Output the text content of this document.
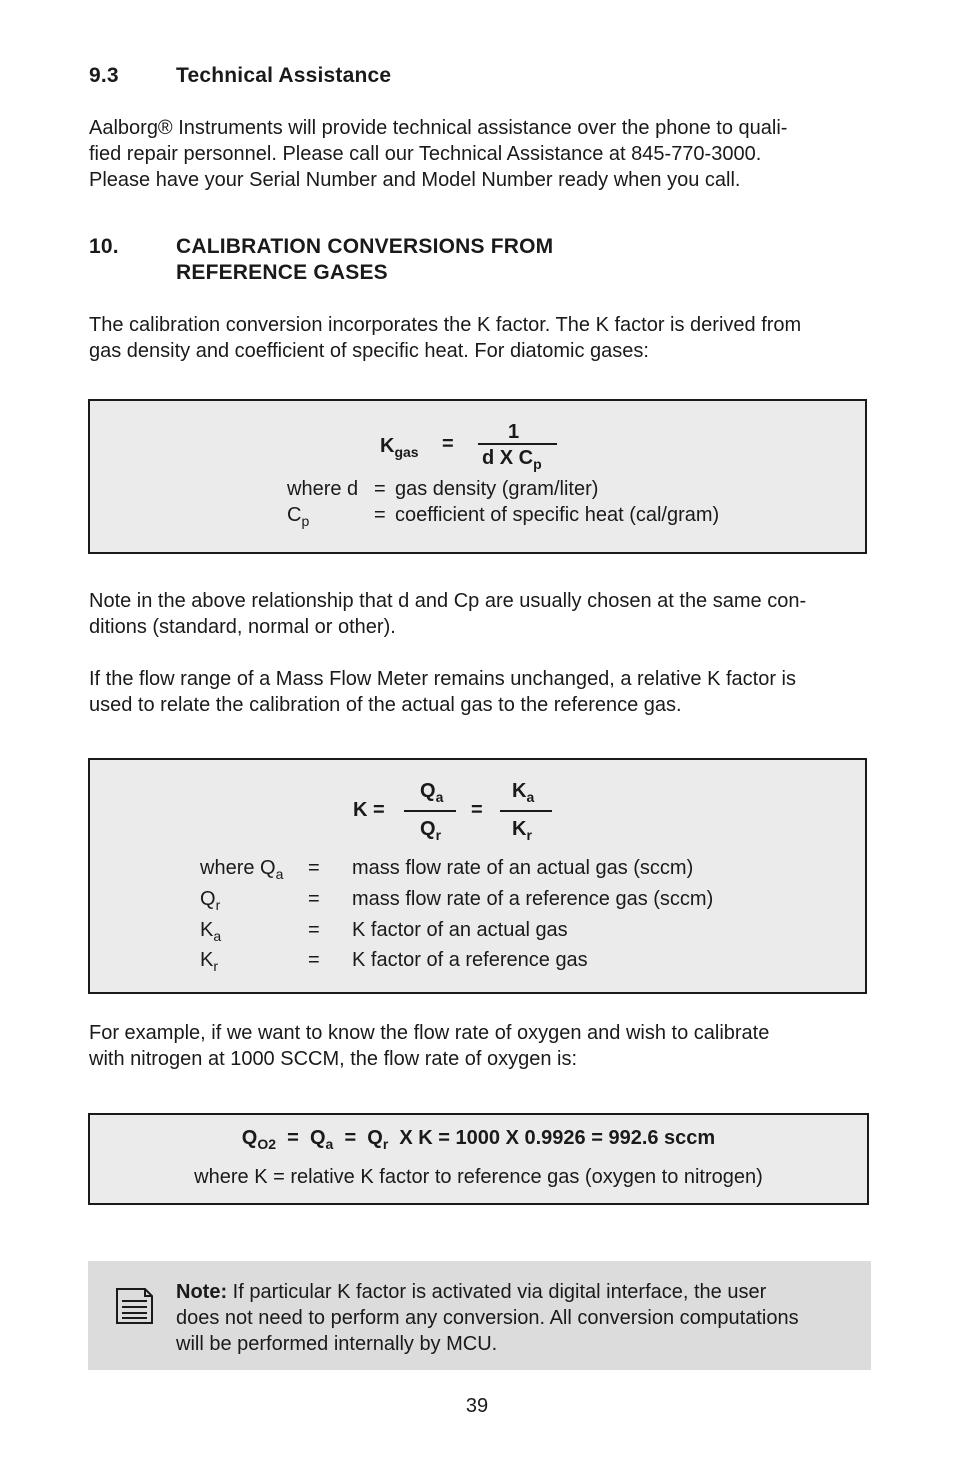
9.3	Technical Assistance
Aalborg® Instruments will provide technical assistance over the phone to quali-
fied repair personnel. Please call our Technical Assistance at 845-770-3000.
Please have your Serial Number and Model Number ready when you call.
10.	CALIBRATION CONVERSIONS FROM
REFERENCE GASES
The calibration conversion incorporates the K factor. The K factor is derived from
gas density and coefficient of specific heat. For diatomic gases:
$K_{gas}$ =
1
d X $C_p$
where d = gas density (gram/liter)
$C_p$	= coefficient of specific heat (cal/gram)
Note in the above relationship that d and Cp are usually chosen at the same con-
ditions (standard, normal or other).
If the flow range of a Mass Flow Meter remains unchanged, a relative K factor is
used to relate the calibration of the actual gas to the reference gas.
K =
$Q_a$
$Q_r$
=
$K_a$
$K_r$
where $Q_a$ = mass flow rate of an actual gas (sccm)
$Q_r$	= mass flow rate of a reference gas (sccm)
$K_a$	= K factor of an actual gas
$K_r$	= K factor of a reference gas
For example, if we want to know the flow rate of oxygen and wish to calibrate
with nitrogen at 1000 SCCM, the flow rate of oxygen is:
$Q_{O2} = Q_a = Q_r$ X K = 1000 X 0.9926 = 992.6 sccm
where K = relative K factor to reference gas (oxygen to nitrogen)
Note: If particular K factor is activated via digital interface, the user
does not need to perform any conversion. All conversion computations
will be performed internally by MCU.
39
